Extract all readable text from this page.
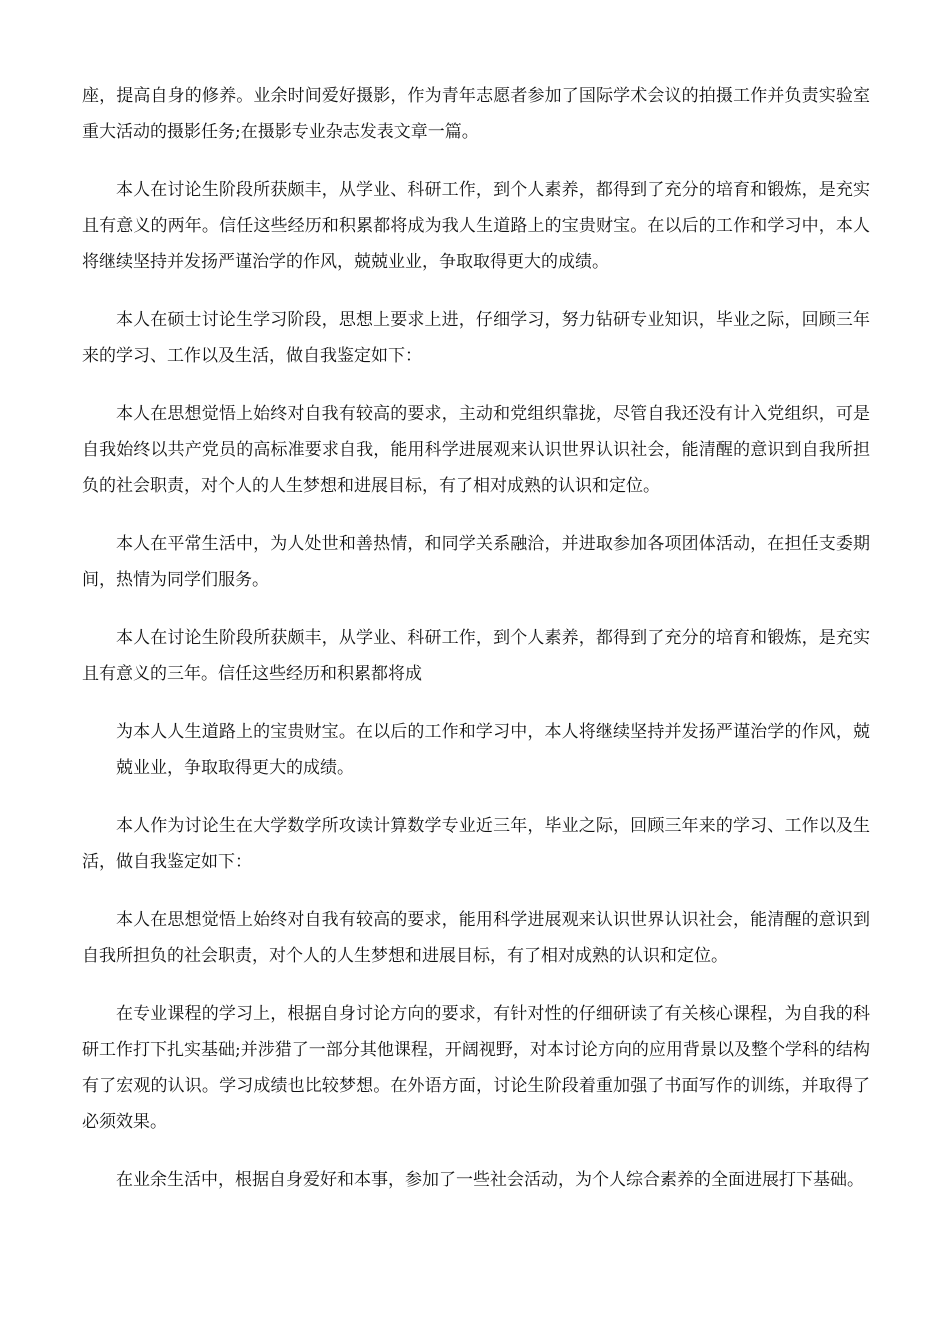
座，提高自身的修养。业余时间爱好摄影，作为青年志愿者参加了国际学术会议的拍摄工作并负责实验室重大活动的摄影任务;在摄影专业杂志发表文章一篇。

本人在讨论生阶段所获颇丰，从学业、科研工作，到个人素养，都得到了充分的培育和锻炼，是充实且有意义的两年。信任这些经历和积累都将成为我人生道路上的宝贵财宝。在以后的工作和学习中，本人将继续坚持并发扬严谨治学的作风，兢兢业业，争取取得更大的成绩。

本人在硕士讨论生学习阶段，思想上要求上进，仔细学习，努力钻研专业知识，毕业之际，回顾三年来的学习、工作以及生活，做自我鉴定如下：

本人在思想觉悟上始终对自我有较高的要求，主动和党组织靠拢，尽管自我还没有计入党组织，可是自我始终以共产党员的高标准要求自我，能用科学进展观来认识世界认识社会，能清醒的意识到自我所担负的社会职责，对个人的人生梦想和进展目标，有了相对成熟的认识和定位。

本人在平常生活中，为人处世和善热情，和同学关系融洽，并进取参加各项团体活动，在担任支委期间，热情为同学们服务。

本人在讨论生阶段所获颇丰，从学业、科研工作，到个人素养，都得到了充分的培育和锻炼，是充实且有意义的三年。信任这些经历和积累都将成

为本人人生道路上的宝贵财宝。在以后的工作和学习中，本人将继续坚持并发扬严谨治学的作风，兢兢业业，争取取得更大的成绩。

本人作为讨论生在大学数学所攻读计算数学专业近三年，毕业之际，回顾三年来的学习、工作以及生活，做自我鉴定如下：

本人在思想觉悟上始终对自我有较高的要求，能用科学进展观来认识世界认识社会，能清醒的意识到自我所担负的社会职责，对个人的人生梦想和进展目标，有了相对成熟的认识和定位。

在专业课程的学习上，根据自身讨论方向的要求，有针对性的仔细研读了有关核心课程，为自我的科研工作打下扎实基础;并涉猎了一部分其他课程，开阔视野，对本讨论方向的应用背景以及整个学科的结构有了宏观的认识。学习成绩也比较梦想。在外语方面，讨论生阶段着重加强了书面写作的训练，并取得了必须效果。

在业余生活中，根据自身爱好和本事，参加了一些社会活动，为个人综合素养的全面进展打下基础。
